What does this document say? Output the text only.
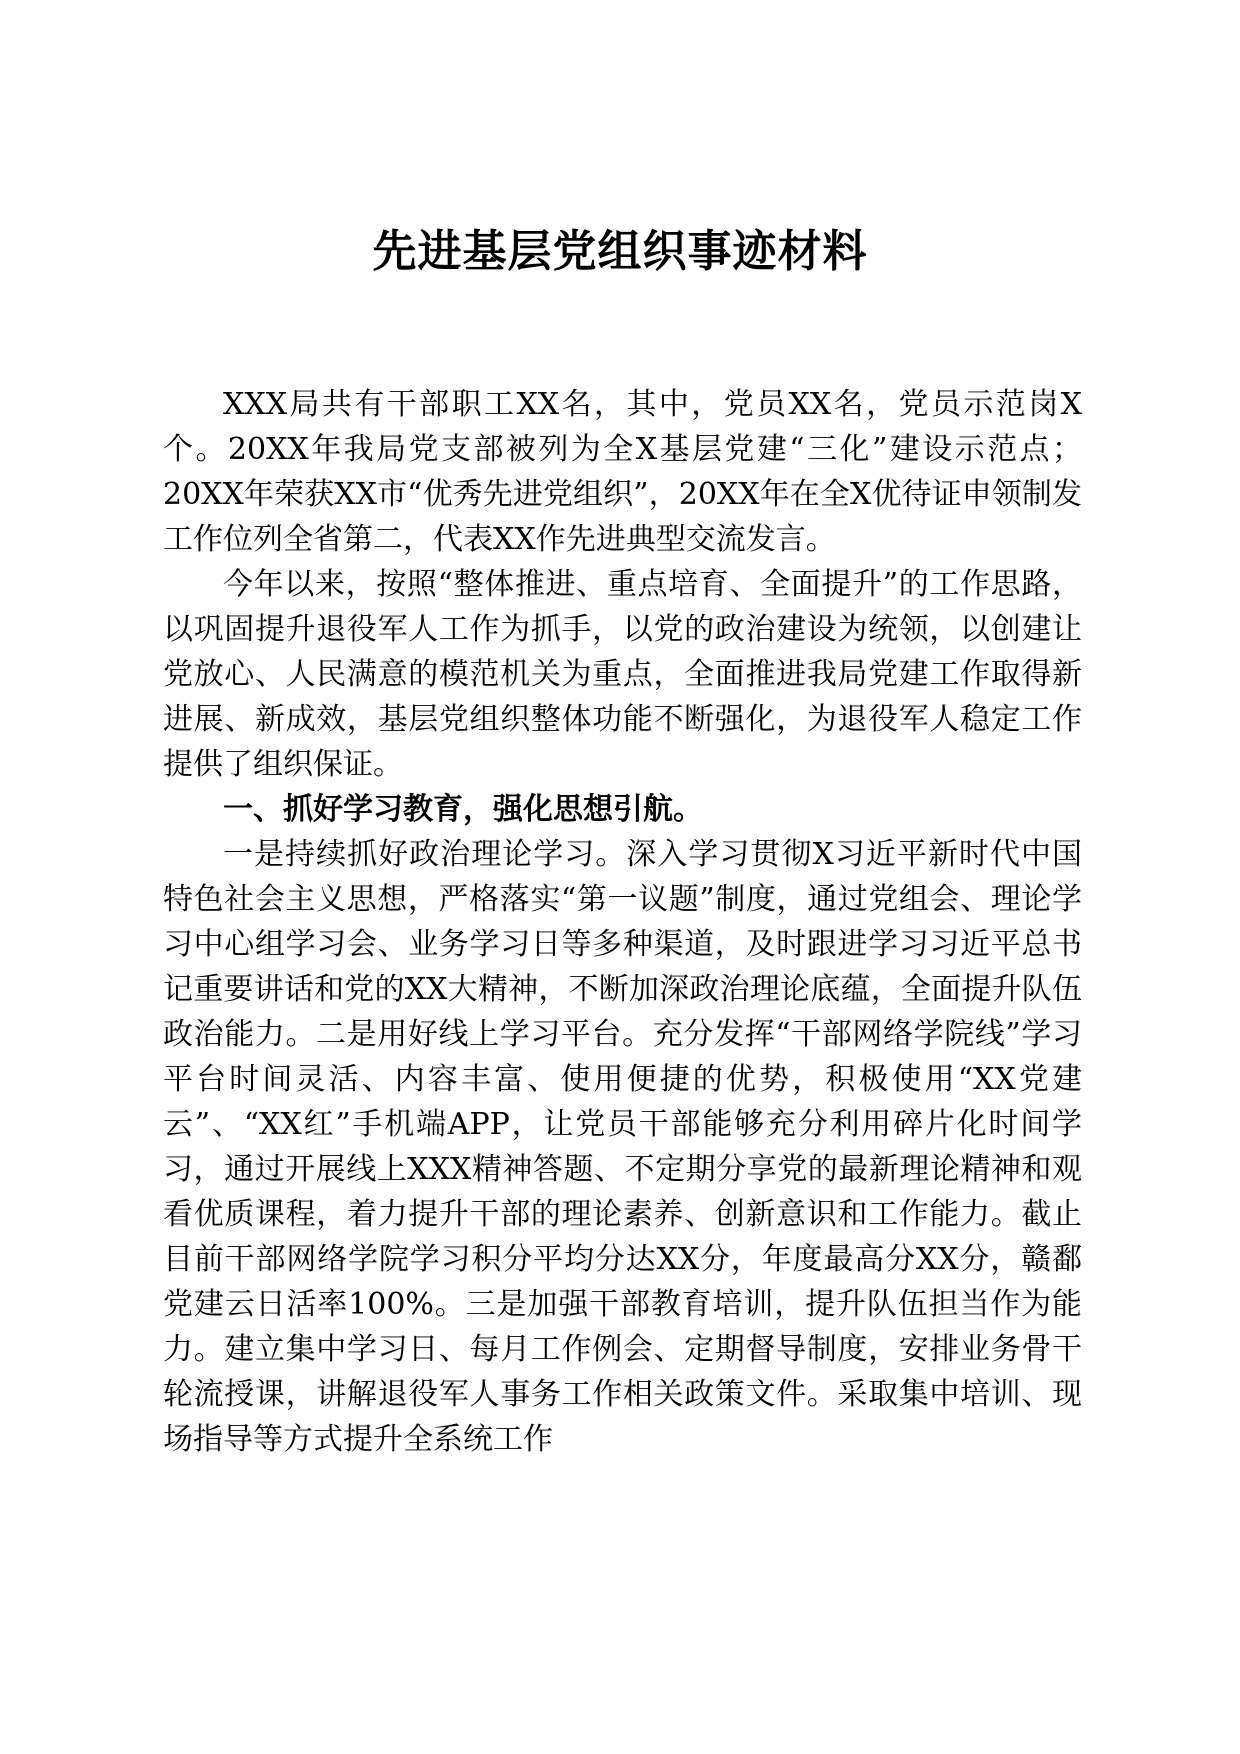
先进基层党组织事迹材料

XXX局共有干部职工XX名，其中，党员XX名，党员示范岗X个。20XX年我局党支部被列为全X基层党建“三化”建设示范点；20XX年荣获XX市“优秀先进党组织”，20XX年在全X优待证申领制发工作位列全省第二，代表XX作先进典型交流发言。

今年以来，按照“整体推进、重点培育、全面提升”的工作思路，以巩固提升退役军人工作为抓手，以党的政治建设为统领，以创建让党放心、人民满意的模范机关为重点，全面推进我局党建工作取得新进展、新成效，基层党组织整体功能不断强化，为退役军人稳定工作提供了组织保证。

一、抓好学习教育，强化思想引航。

一是持续抓好政治理论学习。深入学习贯彻X习近平新时代中国特色社会主义思想，严格落实“第一议题”制度，通过党组会、理论学习中心组学习会、业务学习日等多种渠道，及时跟进学习习近平总书记重要讲话和党的XX大精神，不断加深政治理论底蕴，全面提升队伍政治能力。二是用好线上学习平台。充分发挥“干部网络学院线”学习平台时间灵活、内容丰富、使用便捷的优势，积极使用“XX党建云”、“XX红”手机端APP，让党员干部能够充分利用碎片化时间学习，通过开展线上XXX精神答题、不定期分享党的最新理论精神和观看优质课程，着力提升干部的理论素养、创新意识和工作能力。截止目前干部网络学院学习积分平均分达XX分，年度最高分XX分，赣鄱党建云日活率100%。三是加强干部教育培训，提升队伍担当作为能力。建立集中学习日、每月工作例会、定期督导制度，安排业务骨干轮流授课，讲解退役军人事务工作相关政策文件。采取集中培训、现场指导等方式提升全系统工作
